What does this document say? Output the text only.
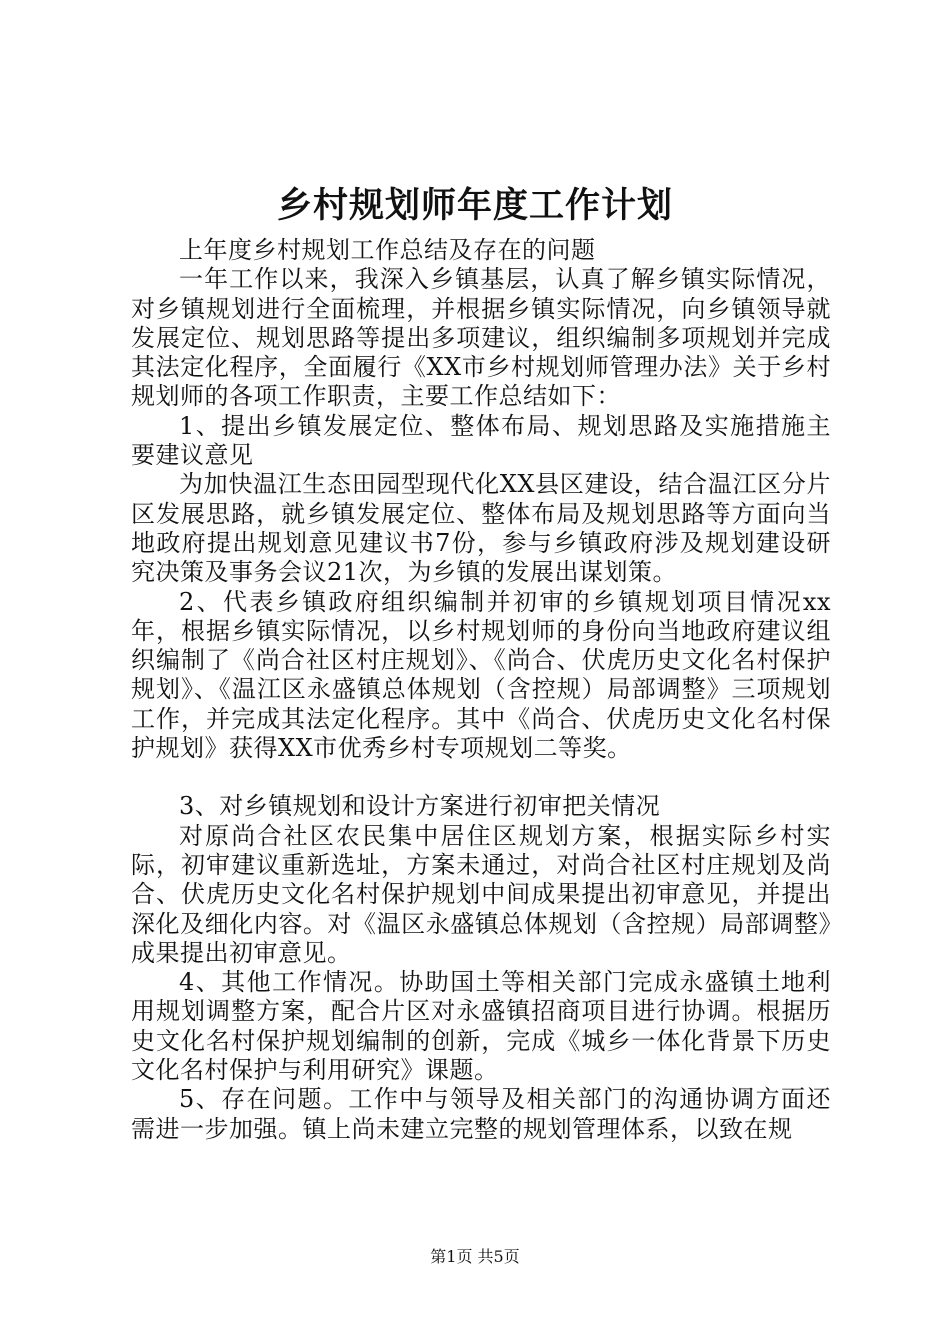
乡村规划师年度工作计划

上年度乡村规划工作总结及存在的问题

一年工作以来，我深入乡镇基层，认真了解乡镇实际情况，对乡镇规划进行全面梳理，并根据乡镇实际情况，向乡镇领导就发展定位、规划思路等提出多项建议，组织编制多项规划并完成其法定化程序，全面履行《XX市乡村规划师管理办法》关于乡村规划师的各项工作职责，主要工作总结如下：

1、提出乡镇发展定位、整体布局、规划思路及实施措施主要建议意见

为加快温江生态田园型现代化XX县区建设，结合温江区分片区发展思路，就乡镇发展定位、整体布局及规划思路等方面向当地政府提出规划意见建议书7份，参与乡镇政府涉及规划建设研究决策及事务会议21次，为乡镇的发展出谋划策。

2、代表乡镇政府组织编制并初审的乡镇规划项目情况xx年，根据乡镇实际情况，以乡村规划师的身份向当地政府建议组织编制了《尚合社区村庄规划》、《尚合、伏虎历史文化名村保护规划》、《温江区永盛镇总体规划（含控规）局部调整》三项规划工作，并完成其法定化程序。其中《尚合、伏虎历史文化名村保护规划》获得XX市优秀乡村专项规划二等奖。

3、对乡镇规划和设计方案进行初审把关情况

对原尚合社区农民集中居住区规划方案，根据实际乡村实际，初审建议重新选址，方案未通过，对尚合社区村庄规划及尚合、伏虎历史文化名村保护规划中间成果提出初审意见，并提出深化及细化内容。对《温区永盛镇总体规划（含控规）局部调整》成果提出初审意见。

4、其他工作情况。协助国土等相关部门完成永盛镇土地利用规划调整方案，配合片区对永盛镇招商项目进行协调。根据历史文化名村保护规划编制的创新，完成《城乡一体化背景下历史文化名村保护与利用研究》课题。

5、存在问题。工作中与领导及相关部门的沟通协调方面还需进一步加强。镇上尚未建立完整的规划管理体系，以致在规

第1页 共5页
